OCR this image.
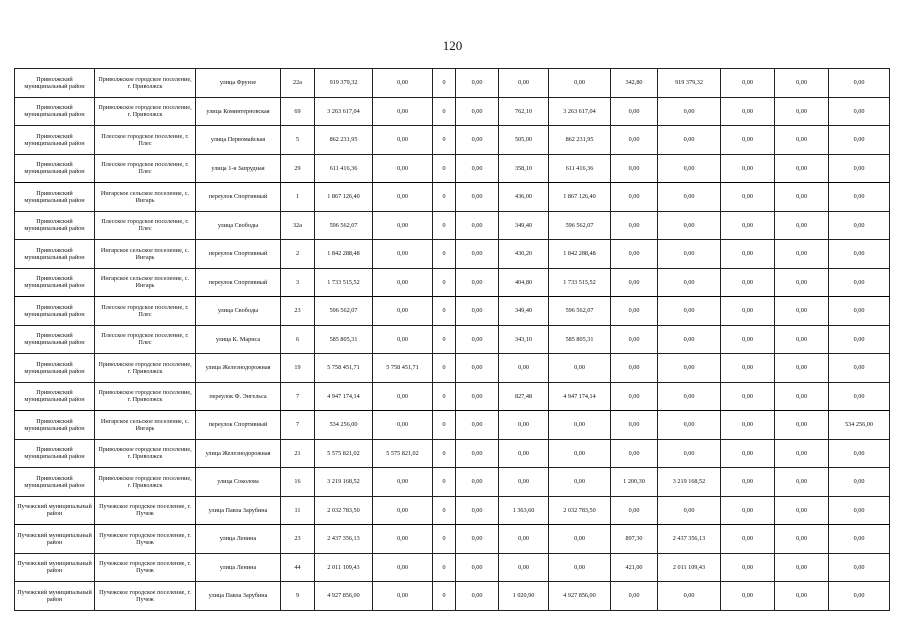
120
Приволжский муниципальный район	Приволжское городское поселение, г. Приволжск	улица Фрунзе	22а	919 379,32	0,00	0	0,00	0,00	0,00	342,80	919 379,32	0,00	0,00	0,00
Приволжский муниципальный район	Приволжское городское поселение, г. Приволжск	улица Коминтерновская	69	3 263 617,04	0,00	0	0,00	762,10	3 263 617,04	0,00	0,00	0,00	0,00	0,00
Приволжский муниципальный район	Плесское городское поселение, г. Плес	улица Первомайская	5	862 231,95	0,00	0	0,00	505,00	862 231,95	0,00	0,00	0,00	0,00	0,00
Приволжский муниципальный район	Плесское городское поселение, г. Плес	улица 1-я Запрудная	29	611 416,36	0,00	0	0,00	358,10	611 416,36	0,00	0,00	0,00	0,00	0,00
Приволжский муниципальный район	Ингарское сельское поселение, с. Ингарь	переулок Спортивный	1	1 867 126,40	0,00	0	0,00	436,00	1 867 126,40	0,00	0,00	0,00	0,00	0,00
Приволжский муниципальный район	Плесское городское поселение, г. Плес	улица Свободы	32а	596 562,07	0,00	0	0,00	349,40	596 562,07	0,00	0,00	0,00	0,00	0,00
Приволжский муниципальный район	Ингарское сельское поселение, с. Ингарь	переулок Спортивный	2	1 842 288,48	0,00	0	0,00	430,20	1 842 288,48	0,00	0,00	0,00	0,00	0,00
Приволжский муниципальный район	Ингарское сельское поселение, с. Ингарь	переулок Спортивный	3	1 733 515,52	0,00	0	0,00	404,80	1 733 515,52	0,00	0,00	0,00	0,00	0,00
Приволжский муниципальный район	Плесское городское поселение, г. Плес	улица Свободы	23	596 562,07	0,00	0	0,00	349,40	596 562,07	0,00	0,00	0,00	0,00	0,00
Приволжский муниципальный район	Плесское городское поселение, г. Плес	улица К. Марнса	6	585 805,31	0,00	0	0,00	343,10	585 805,31	0,00	0,00	0,00	0,00	0,00
Приволжский муниципальный район	Приволжское городское поселение, г. Приволжск	улица Железнодорожная	19	5 758 451,71	5 758 451,71	0	0,00	0,00	0,00	0,00	0,00	0,00	0,00	0,00
Приволжский муниципальный район	Приволжское городское поселение, г. Приволжск	переулок Ф. Энгельса	7	4 947 174,14	0,00	0	0,00	827,48	4 947 174,14	0,00	0,00	0,00	0,00	0,00
Приволжский муниципальный район	Ингарское сельское поселение, с. Ингарь	переулок Спортивный	7	534 256,00	0,00	0	0,00	0,00	0,00	0,00	0,00	0,00	0,00	534 256,00
Приволжский муниципальный район	Приволжское городское поселение, г. Приволжск	улица Железнодорожная	21	5 575 821,02	5 575 821,02	0	0,00	0,00	0,00	0,00	0,00	0,00	0,00	0,00
Приволжский муниципальный район	Приволжское городское поселение, г. Приволжск	улица Соколова	16	3 219 168,52	0,00	0	0,00	0,00	0,00	1 200,30	3 219 168,52	0,00	0,00	0,00
Пучежский муниципальный район	Пучежское городское поселение, г. Пучеж	улица Павла Зарубина	11	2 032 783,50	0,00	0	0,00	1 363,60	2 032 783,50	0,00	0,00	0,00	0,00	0,00
Пучежский муниципальный район	Пучежское городское поселение, г. Пучеж	улица Ленина	23	2 437 356,13	0,00	0	0,00	0,00	0,00	897,30	2 437 356,13	0,00	0,00	0,00
Пучежский муниципальный район	Пучежское городское поселение, г. Пучеж	улица Ленина	44	2 011 109,43	0,00	0	0,00	0,00	0,00	421,00	2 011 109,43	0,00	0,00	0,00
Пучежский муниципальный район	Пучежское городское поселение, г. Пучеж	улица Павла Зарубина	9	4 927 856,00	0,00	0	0,00	1 020,90	4 927 856,00	0,00	0,00	0,00	0,00	0,00
